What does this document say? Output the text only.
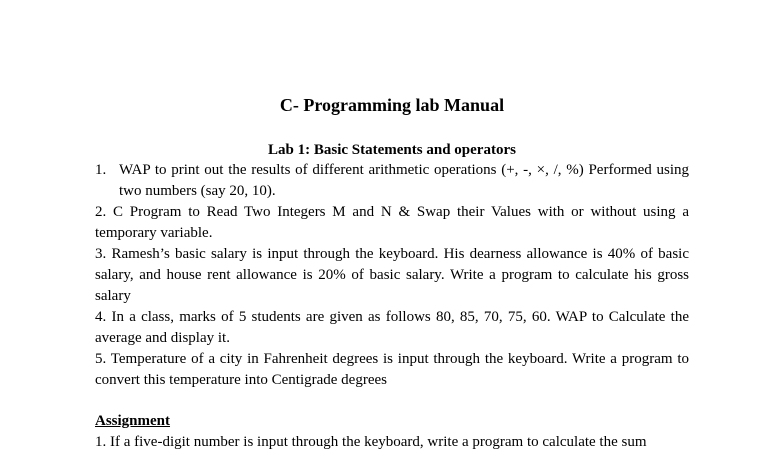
C- Programming lab Manual
Lab 1: Basic Statements and operators
1. WAP to print out the results of different arithmetic operations (+, -, ×, /, %) Performed using two numbers (say 20, 10).
2. C Program to Read Two Integers M and N & Swap their Values with or without using a temporary variable.
3. Ramesh’s basic salary is input through the keyboard. His dearness allowance is 40% of basic salary, and house rent allowance is 20% of basic salary. Write a program to calculate his gross salary
4. In a class, marks of 5 students are given as follows 80, 85, 70, 75, 60. WAP to Calculate the average and display it.
5. Temperature of a city in Fahrenheit degrees is input through the keyboard. Write a program to convert this temperature into Centigrade degrees
Assignment
1. If a five-digit number is input through the keyboard, write a program to calculate the sum
